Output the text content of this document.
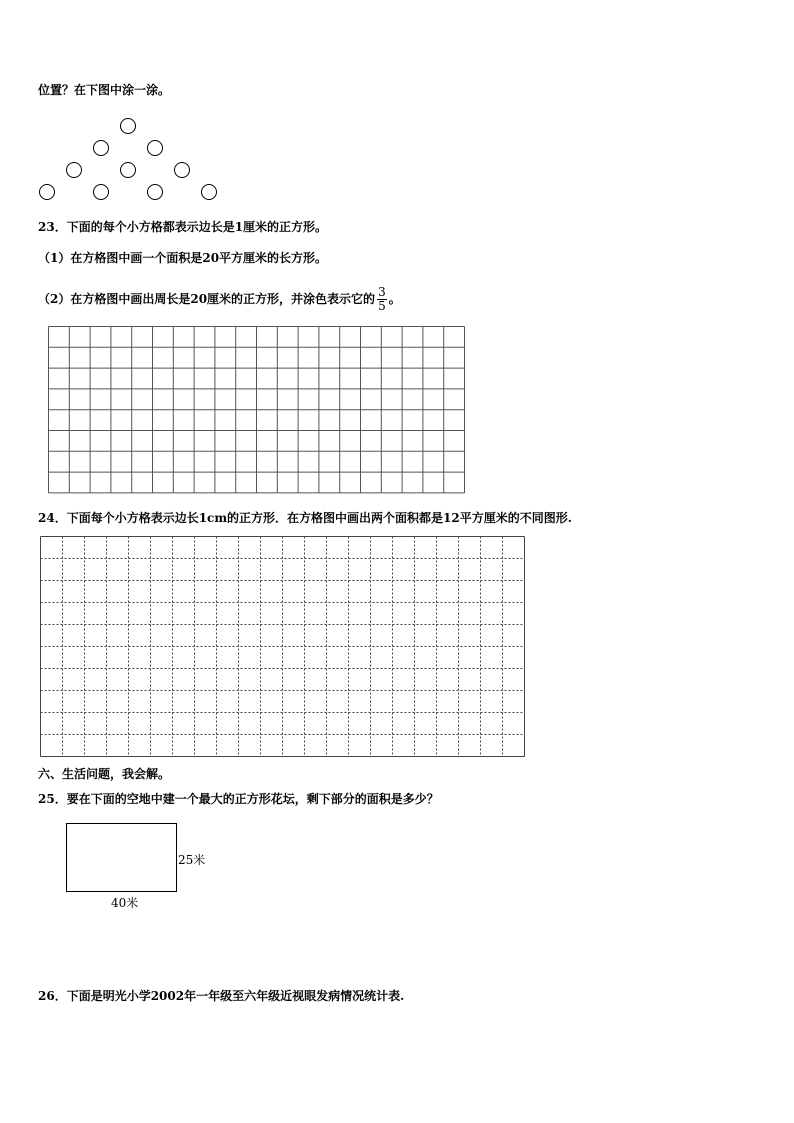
位置？在下图中涂一涂。
23．下面的每个小方格都表示边长是1厘米的正方形。
（1）在方格图中画一个面积是20平方厘米的长方形。
（2）在方格图中画出周长是20厘米的正方形，并涂色表示它的 $\frac{3}{5}$ 。
24．下面每个小方格表示边长1cm的正方形．在方格图中画出两个面积都是12平方厘米的不同图形.
六、生活问题，我会解。
25．要在下面的空地中建一个最大的正方形花坛，剩下部分的面积是多少？
25米
40米
26．下面是明光小学2002年一年级至六年级近视眼发病情况统计表.
